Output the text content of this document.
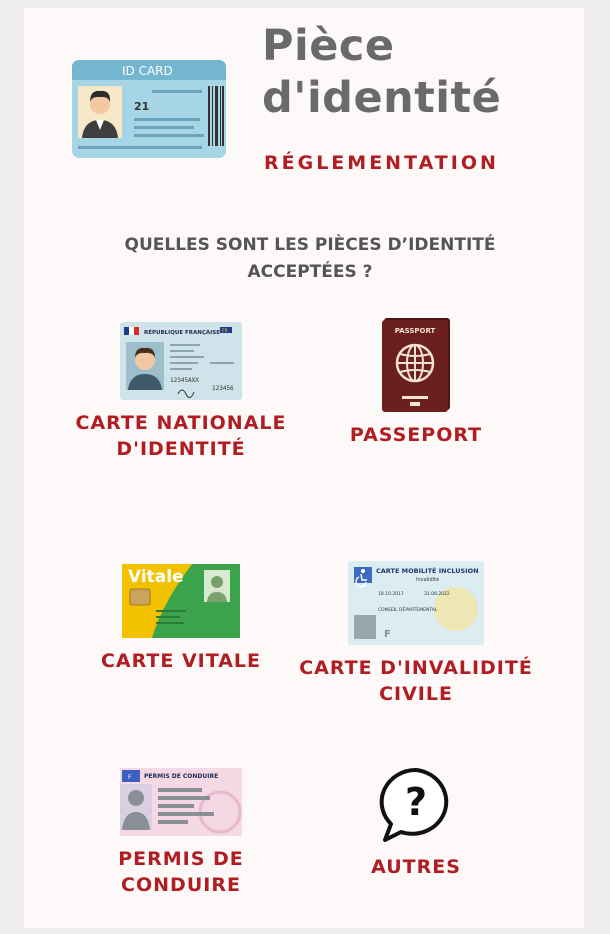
ID CARD
21
Pièce
d'identité
RÉGLEMENTATION
QUELLES SONT LES PIÈCES D’IDENTITÉ
ACCEPTÉES ?
RÉPUBLIQUE FRANÇAISE FR
12345AXX
123456
CARTE NATIONALE
D'IDENTITÉ
PASSPORT
PASSEPORT
Vitale
CARTE VITALE
CARTE MOBILITÉ INCLUSION
Invalidité
18.10.2017	31.08.2022
CONSEIL DÉPARTEMENTAL
F
CARTE D'INVALIDITÉ
CIVILE
F PERMIS DE CONDUIRE
PERMIS DE
CONDUIRE
?
AUTRES
